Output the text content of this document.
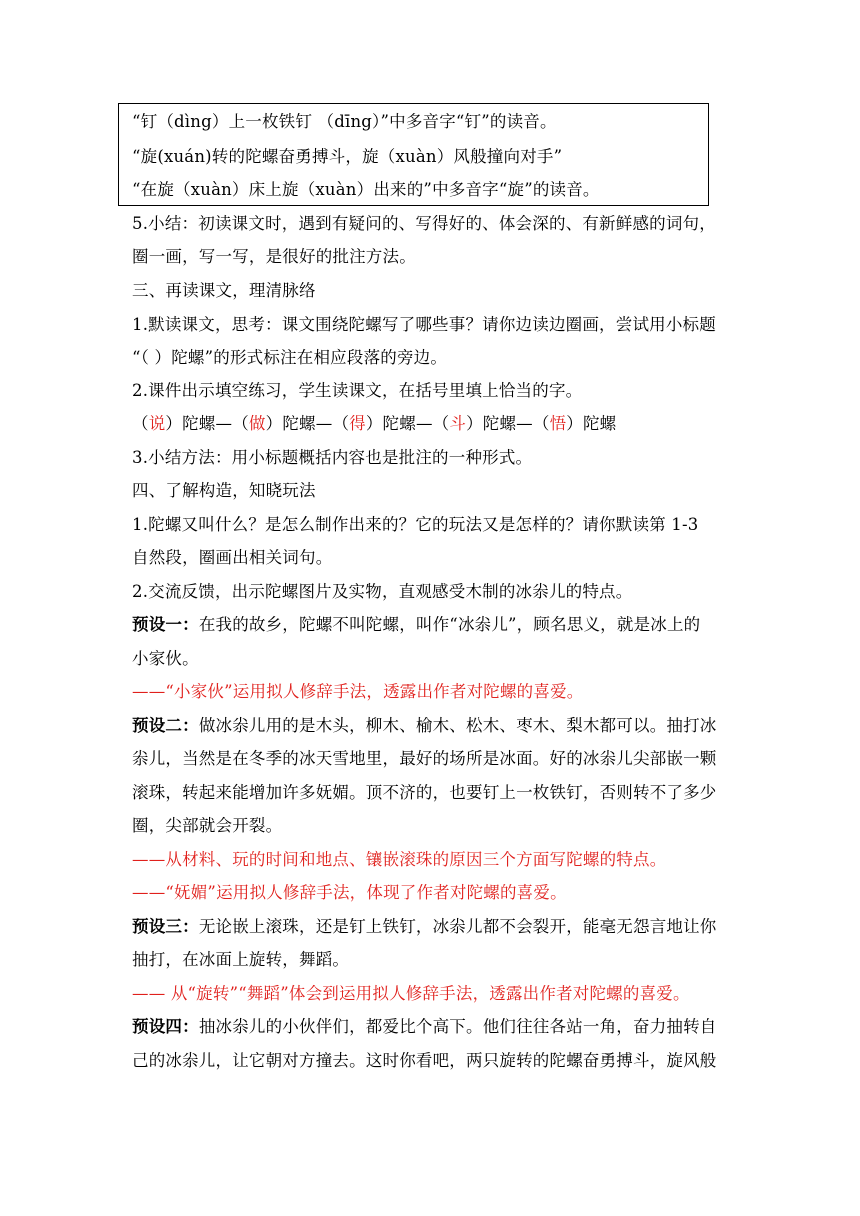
“钉（dìng）上一枚铁钉 （dīng）”中多音字“钉”的读音。
“旋(xuán)转的陀螺奋勇搏斗，旋（xuàn）风般撞向对手”
“在旋（xuàn）床上旋（xuàn）出来的”中多音字“旋”的读音。
5.小结：初读课文时，遇到有疑问的、写得好的、体会深的、有新鲜感的词句，
圈一画，写一写，是很好的批注方法。
三、再读课文，理清脉络
1.默读课文，思考：课文围绕陀螺写了哪些事？请你边读边圈画，尝试用小标题
“（ ）陀螺”的形式标注在相应段落的旁边。
2.课件出示填空练习，学生读课文，在括号里填上恰当的字。
（说）陀螺—（做）陀螺—（得）陀螺—（斗）陀螺—（悟）陀螺
3.小结方法：用小标题概括内容也是批注的一种形式。
四、了解构造，知晓玩法
1.陀螺又叫什么？是怎么制作出来的？它的玩法又是怎样的？请你默读第 1-3
自然段，圈画出相关词句。
2.交流反馈，出示陀螺图片及实物，直观感受木制的冰尜儿的特点。
预设一：在我的故乡，陀螺不叫陀螺，叫作“冰尜儿”，顾名思义，就是冰上的
小家伙。
——“小家伙”运用拟人修辞手法，透露出作者对陀螺的喜爱。
预设二：做冰尜儿用的是木头，柳木、榆木、松木、枣木、梨木都可以。抽打冰
尜儿，当然是在冬季的冰天雪地里，最好的场所是冰面。好的冰尜儿尖部嵌一颗
滚珠，转起来能增加许多妩媚。顶不济的，也要钉上一枚铁钉，否则转不了多少
圈，尖部就会开裂。
——从材料、玩的时间和地点、镶嵌滚珠的原因三个方面写陀螺的特点。
——“妩媚”运用拟人修辞手法，体现了作者对陀螺的喜爱。
预设三：无论嵌上滚珠，还是钉上铁钉，冰尜儿都不会裂开，能毫无怨言地让你
抽打，在冰面上旋转，舞蹈。
—— 从“旋转”“舞蹈”体会到运用拟人修辞手法，透露出作者对陀螺的喜爱。
预设四：抽冰尜儿的小伙伴们，都爱比个高下。他们往往各站一角，奋力抽转自
己的冰尜儿，让它朝对方撞去。这时你看吧，两只旋转的陀螺奋勇搏斗，旋风般
